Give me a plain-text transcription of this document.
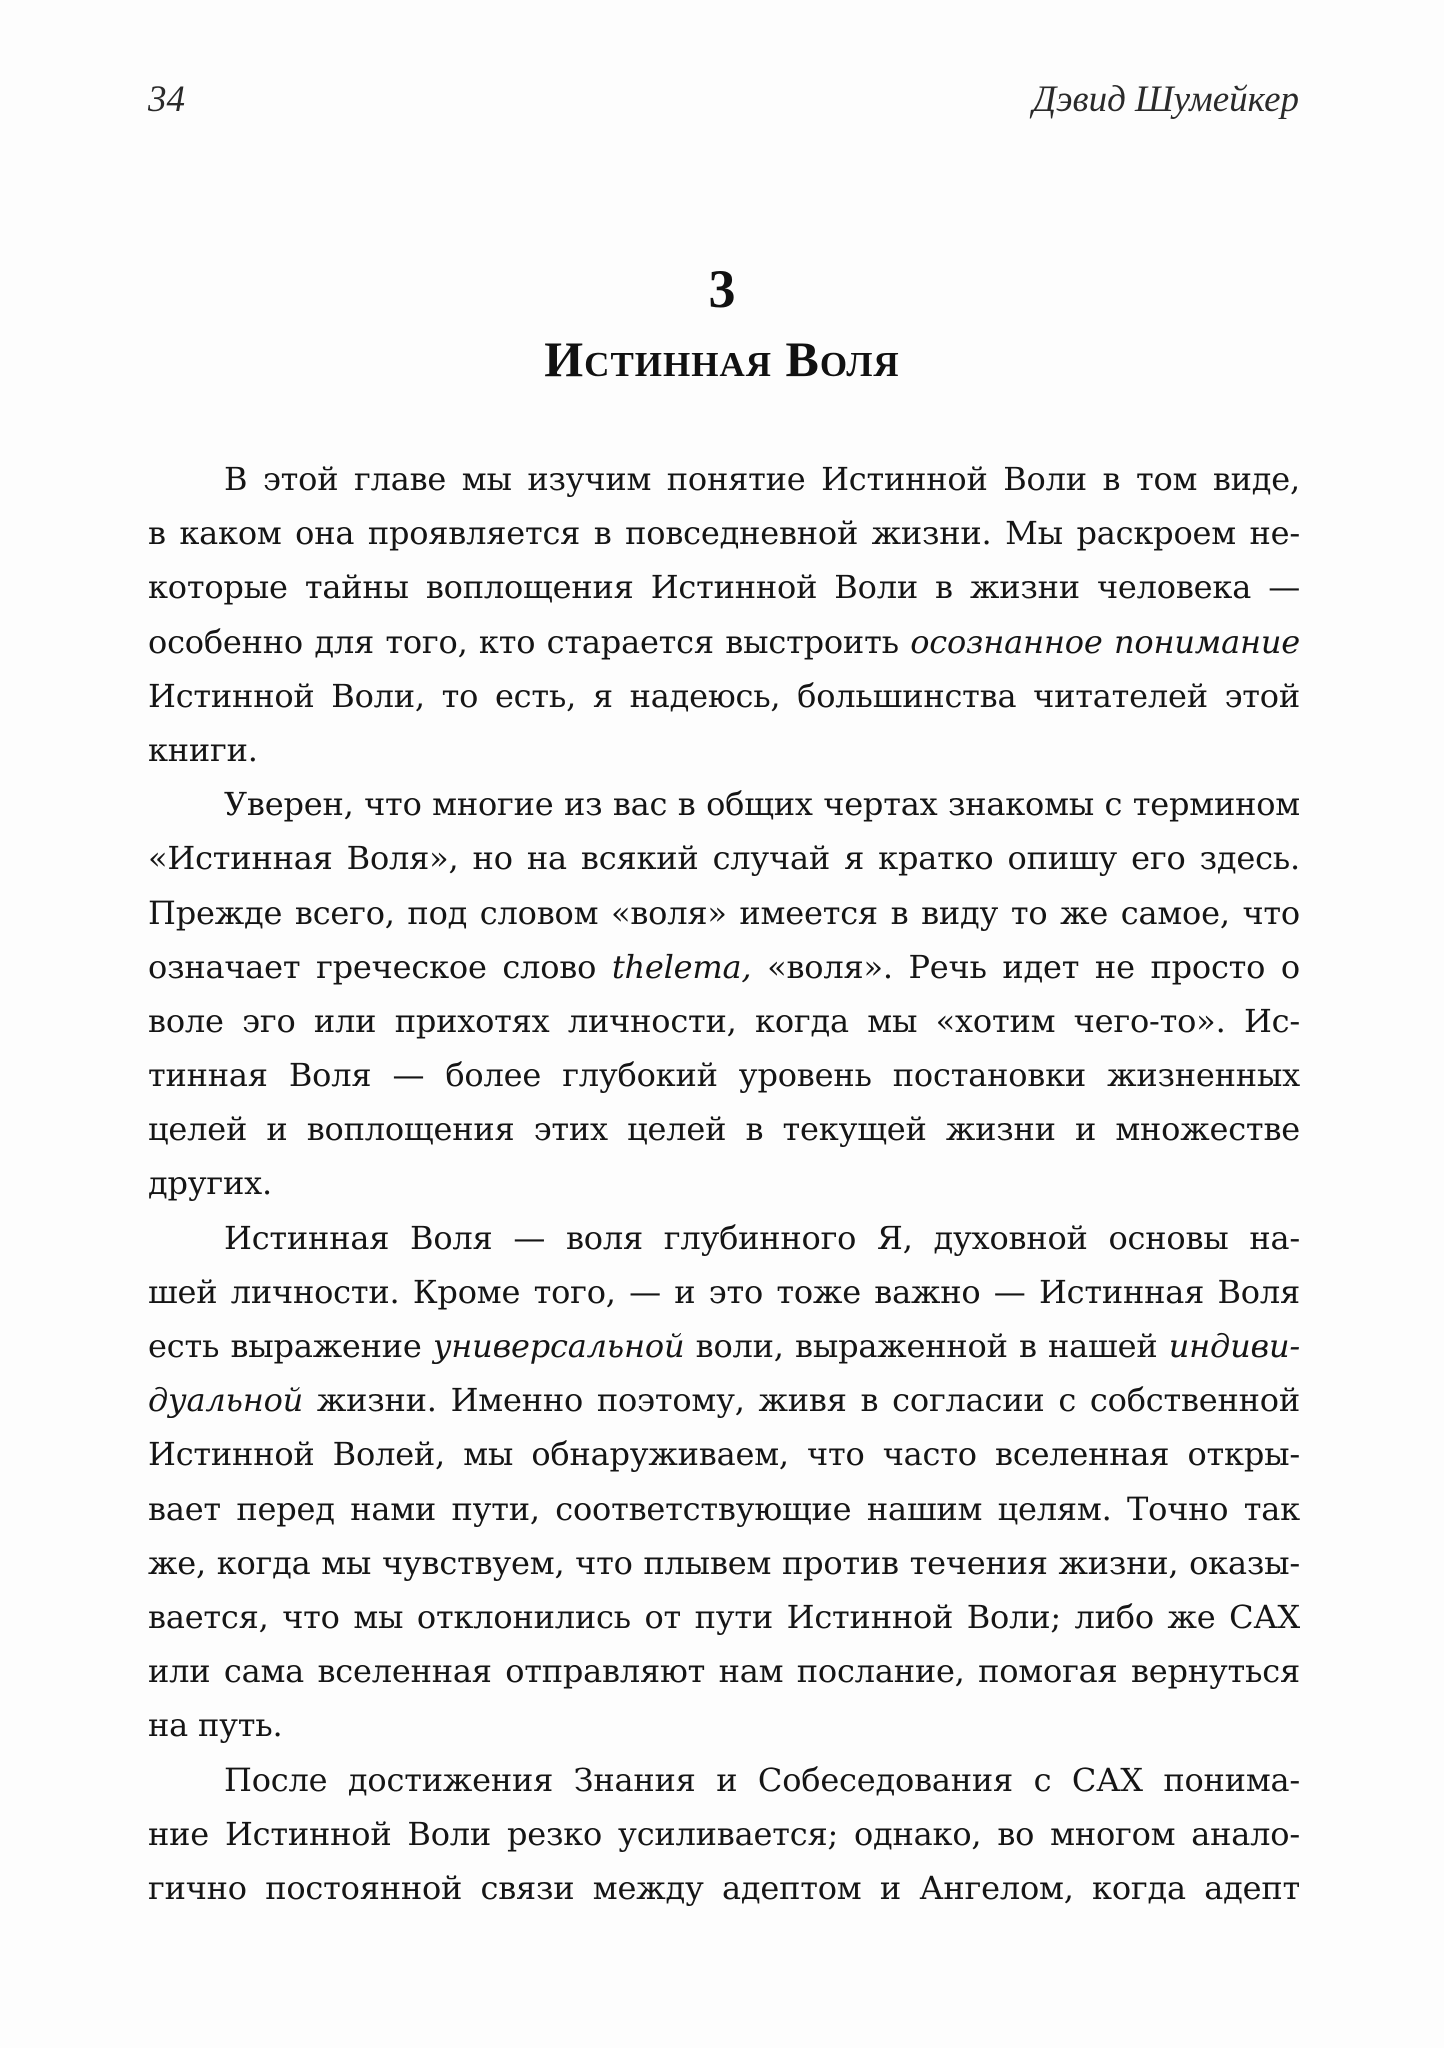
34	Дэвид Шумейкер
3
Истинная Воля
В этой главе мы изучим понятие Истинной Воли в том виде,
в каком она проявляется в повседневной жизни. Мы раскроем не-
которые тайны воплощения Истинной Воли в жизни человека —
особенно для того, кто старается выстроить осознанное понимание
Истинной Воли, то есть, я надеюсь, большинства читателей этой
книги.
Уверен, что многие из вас в общих чертах знакомы с термином
«Истинная Воля», но на всякий случай я кратко опишу его здесь.
Прежде всего, под словом «воля» имеется в виду то же самое, что
означает греческое слово thelema, «воля». Речь идет не просто о
воле эго или прихотях личности, когда мы «хотим чего-то». Ис-
тинная Воля — более глубокий уровень постановки жизненных
целей и воплощения этих целей в текущей жизни и множестве
других.
Истинная Воля — воля глубинного Я, духовной основы на-
шей личности. Кроме того, — и это тоже важно — Истинная Воля
есть выражение универсальной воли, выраженной в нашей индиви-
дуальной жизни. Именно поэтому, живя в согласии с собственной
Истинной Волей, мы обнаруживаем, что часто вселенная откры-
вает перед нами пути, соответствующие нашим целям. Точно так
же, когда мы чувствуем, что плывем против течения жизни, оказы-
вается, что мы отклонились от пути Истинной Воли; либо же САХ
или сама вселенная отправляют нам послание, помогая вернуться
на путь.
После достижения Знания и Собеседования с САХ понима-
ние Истинной Воли резко усиливается; однако, во многом анало-
гично постоянной связи между адептом и Ангелом, когда адепт
